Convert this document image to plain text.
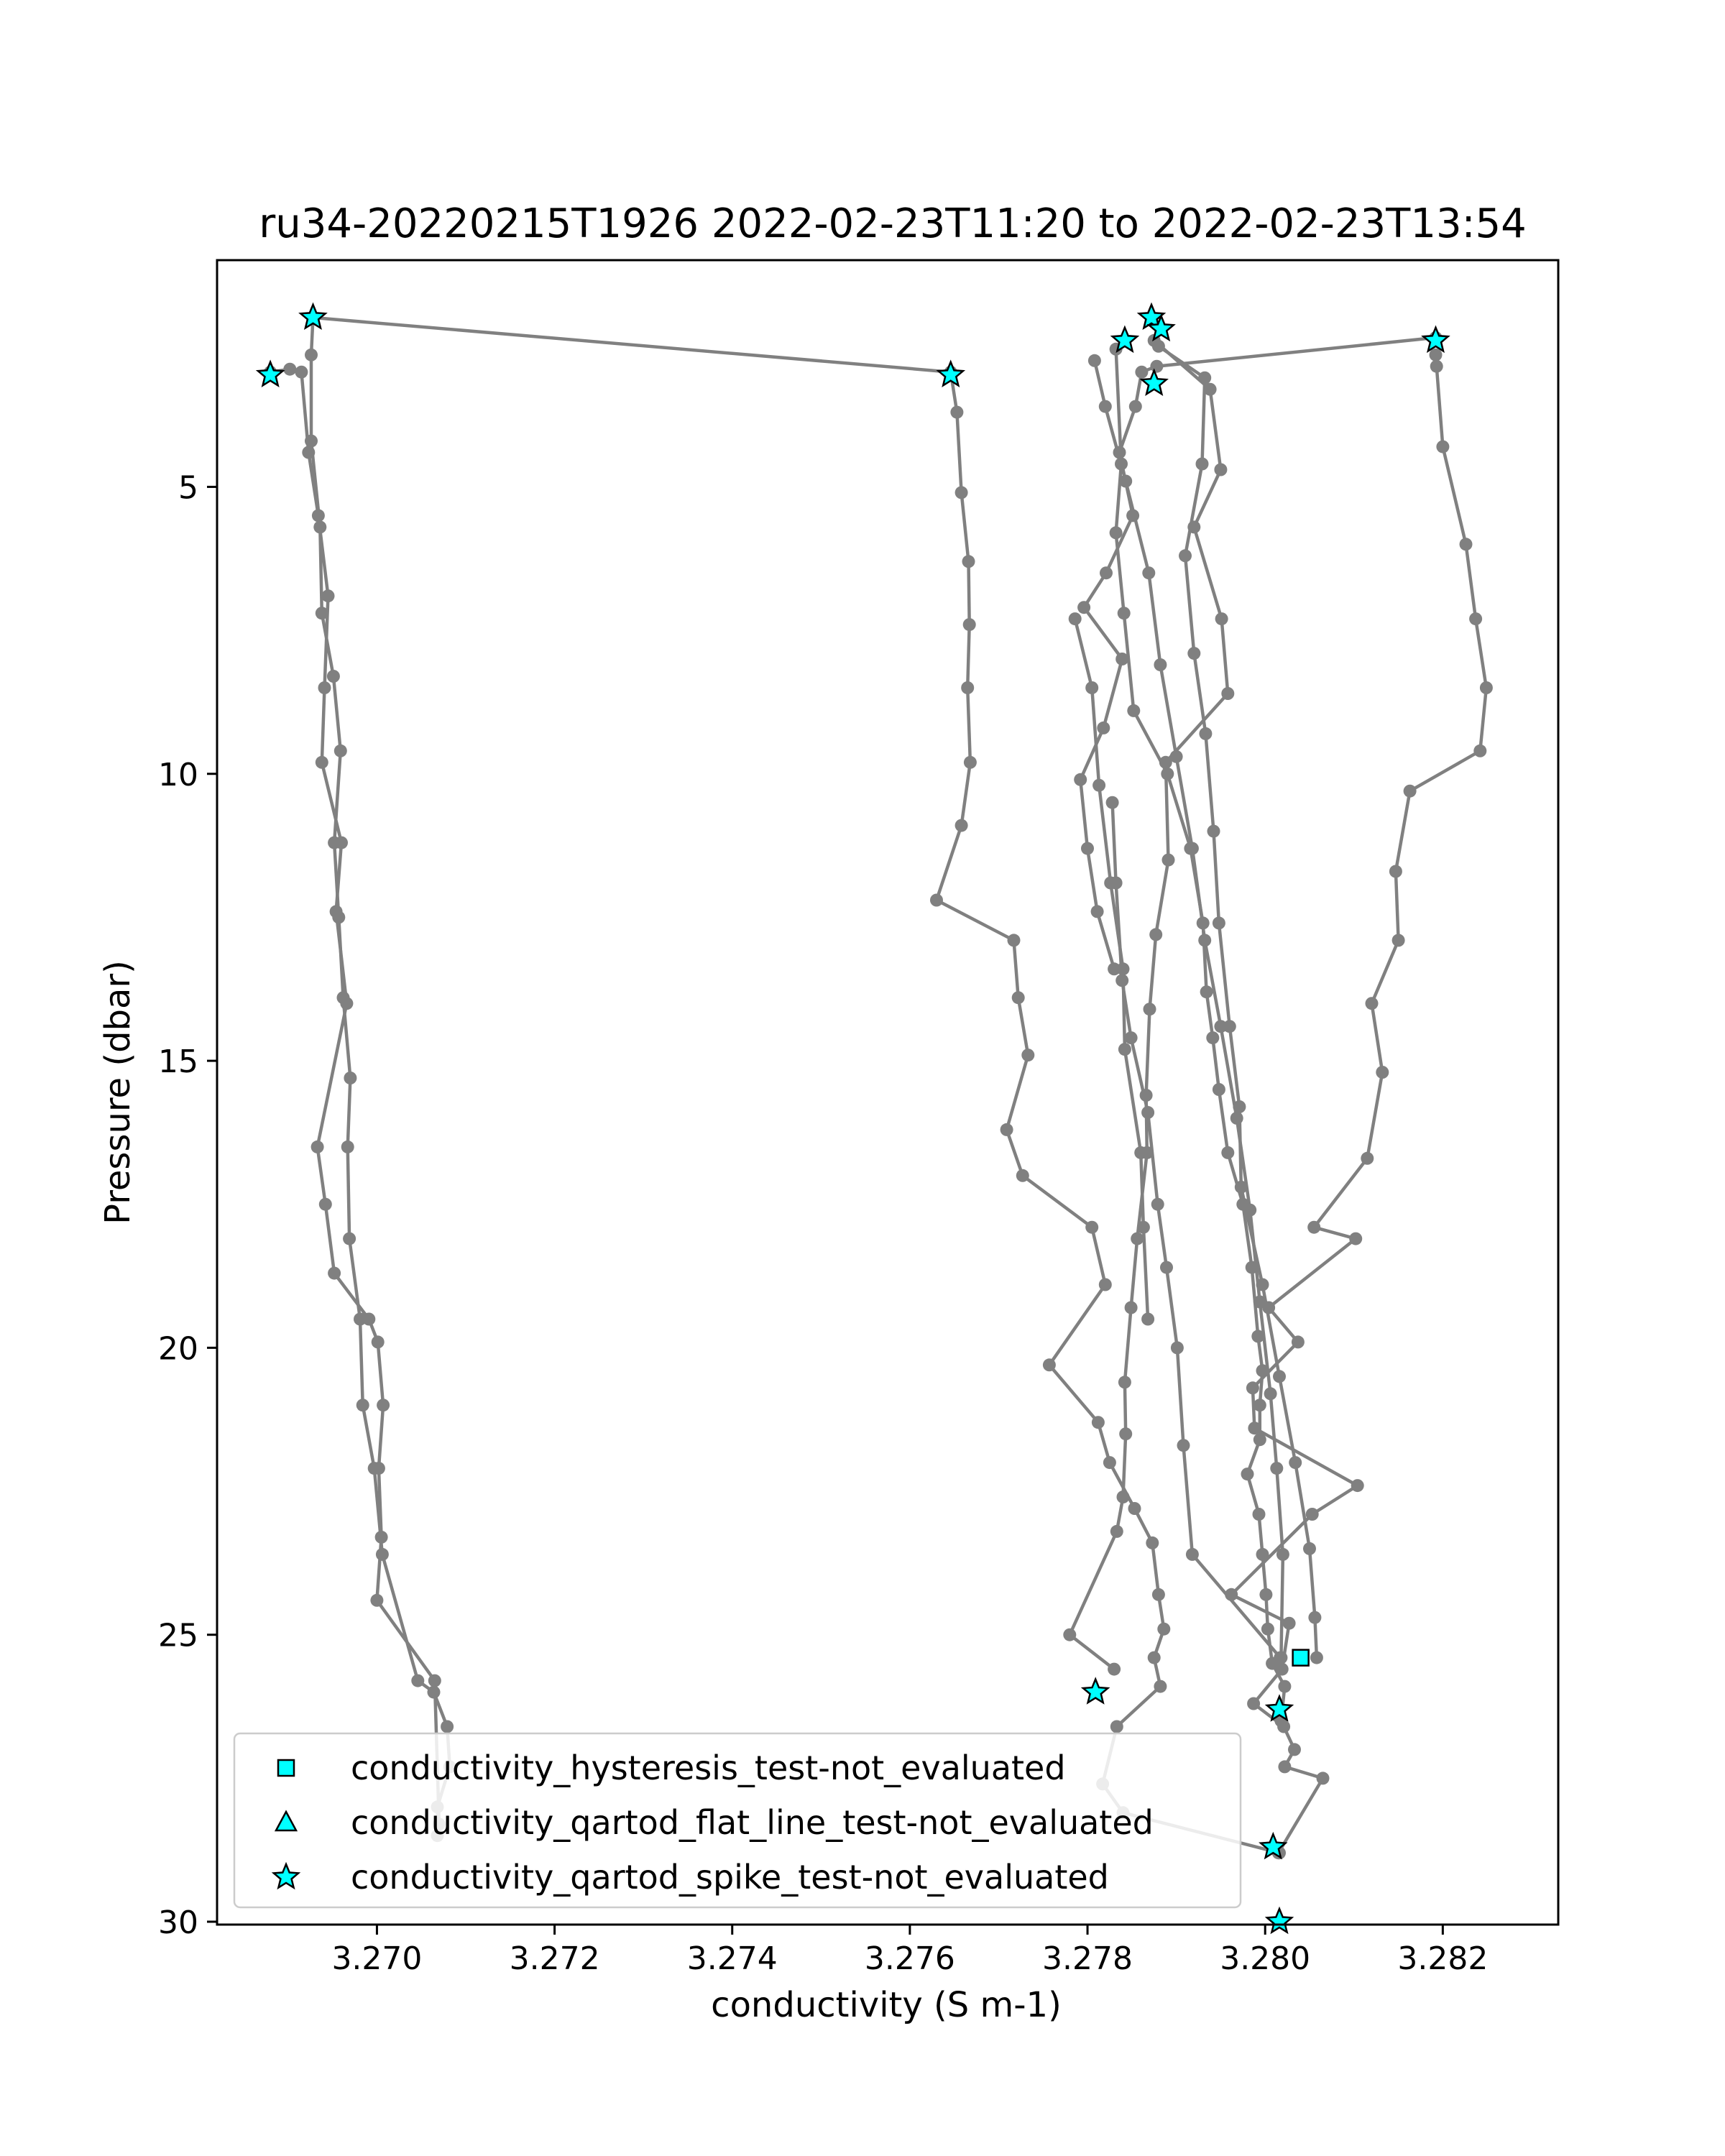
ru34-20220215T1926 2022-02-23T11:20 to 2022-02-23T13:54
3.270	3.272	3.274	3.276	3.278	3.280	3.282
5
10
15
20
25
30
conductivity (S m-1)
Pressure (dbar)
conductivity_hysteresis_test-not_evaluated
conductivity_qartod_flat_line_test-not_evaluated
conductivity_qartod_spike_test-not_evaluated
